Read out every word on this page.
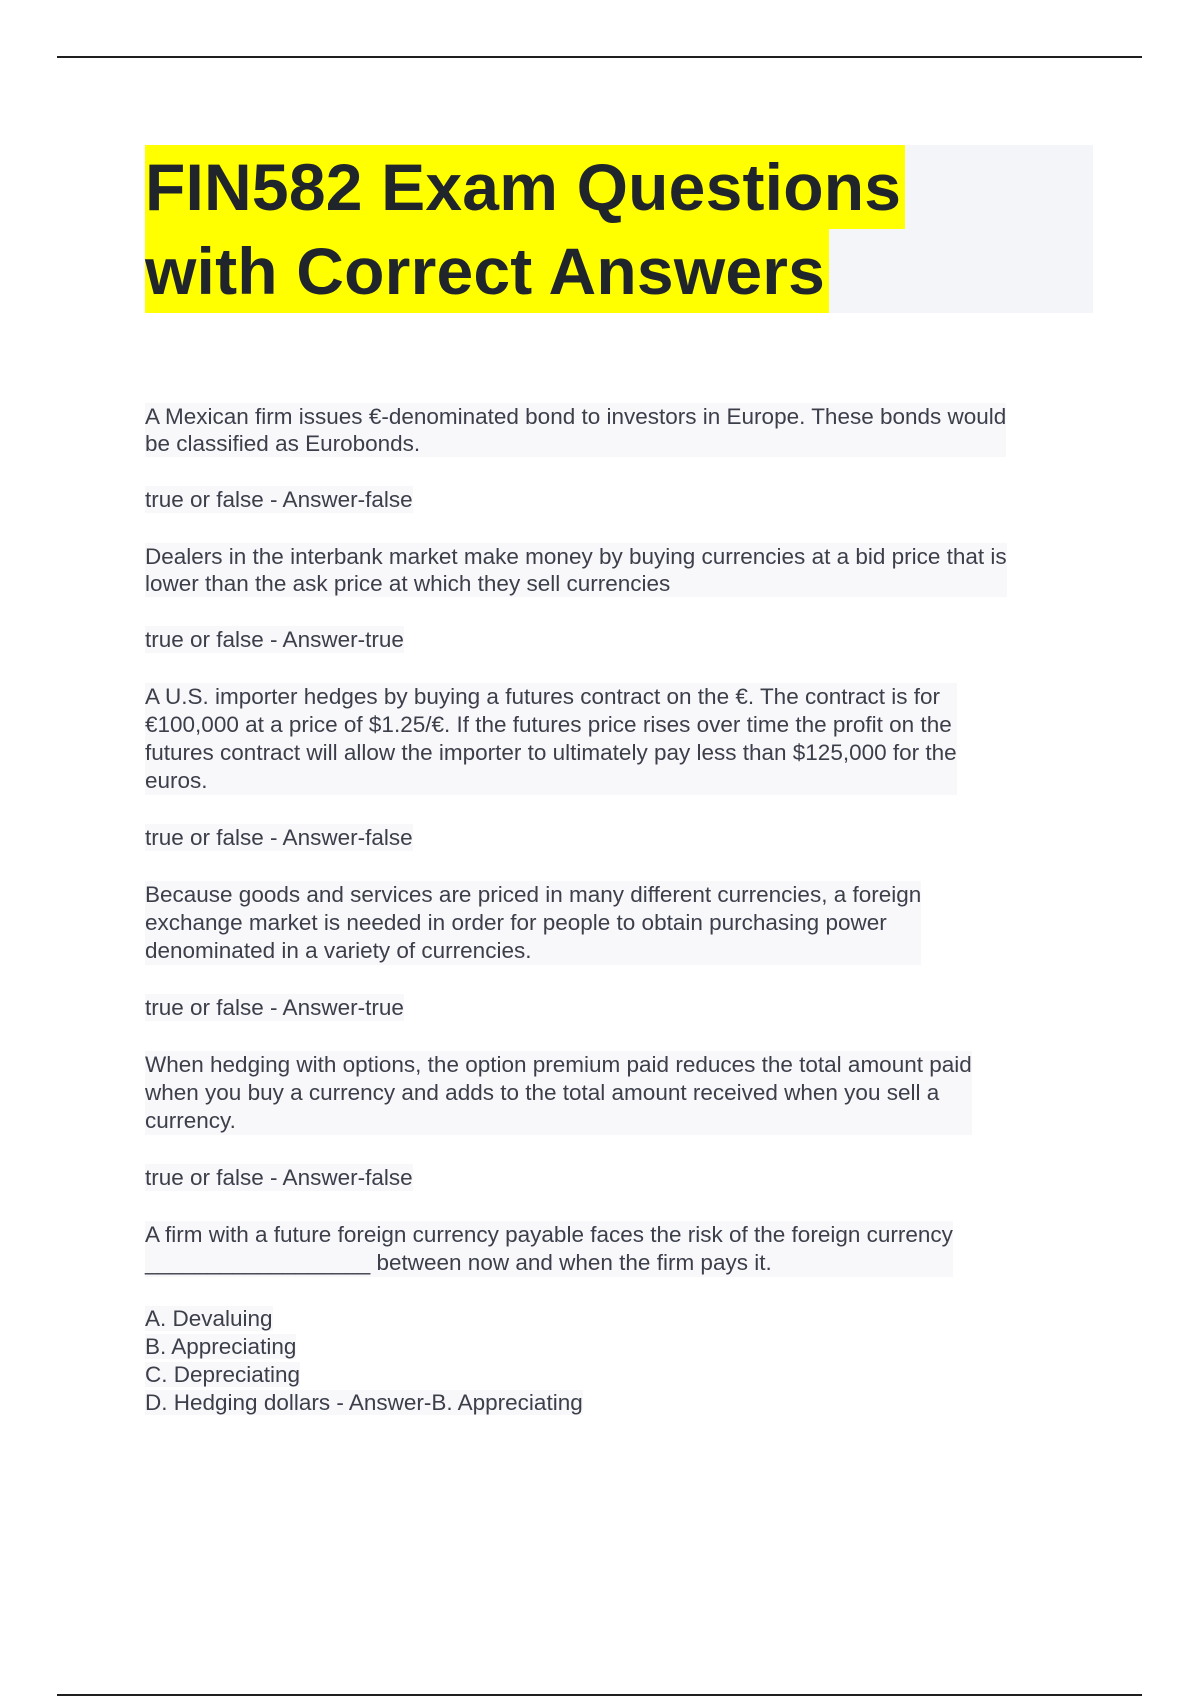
FIN582 Exam Questions
with Correct Answers
A Mexican firm issues €-denominated bond to investors in Europe. These bonds would
be classified as Eurobonds.
true or false - Answer-false
Dealers in the interbank market make money by buying currencies at a bid price that is
lower than the ask price at which they sell currencies
true or false - Answer-true
A U.S. importer hedges by buying a futures contract on the €. The contract is for
€100,000 at a price of $1.25/€. If the futures price rises over time the profit on the
futures contract will allow the importer to ultimately pay less than $125,000 for the
euros.
true or false - Answer-false
Because goods and services are priced in many different currencies, a foreign
exchange market is needed in order for people to obtain purchasing power
denominated in a variety of currencies.
true or false - Answer-true
When hedging with options, the option premium paid reduces the total amount paid
when you buy a currency and adds to the total amount received when you sell a
currency.
true or false - Answer-false
A firm with a future foreign currency payable faces the risk of the foreign currency
__________________ between now and when the firm pays it.
A. Devaluing
B. Appreciating
C. Depreciating
D. Hedging dollars - Answer-B. Appreciating
